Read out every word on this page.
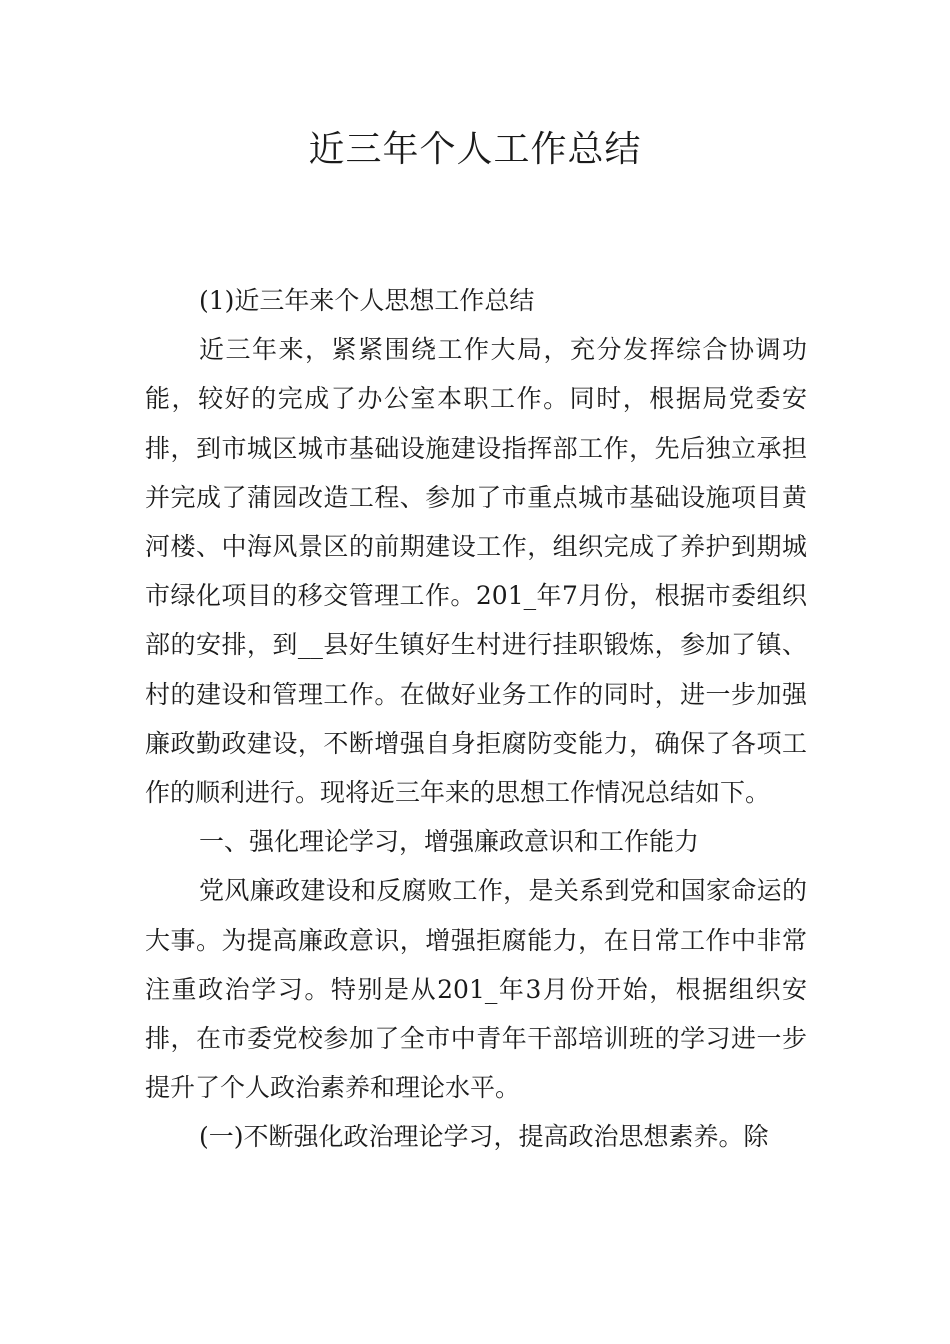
近三年个人工作总结

(1)近三年来个人思想工作总结

近三年来，紧紧围绕工作大局，充分发挥综合协调功能，较好的完成了办公室本职工作。同时，根据局党委安排，到市城区城市基础设施建设指挥部工作，先后独立承担并完成了蒲园改造工程、参加了市重点城市基础设施项目黄河楼、中海风景区的前期建设工作，组织完成了养护到期城市绿化项目的移交管理工作。201_年7月份，根据市委组织部的安排，到__县好生镇好生村进行挂职锻炼，参加了镇、村的建设和管理工作。在做好业务工作的同时，进一步加强廉政勤政建设，不断增强自身拒腐防变能力，确保了各项工作的顺利进行。现将近三年来的思想工作情况总结如下。

一、强化理论学习，增强廉政意识和工作能力

党风廉政建设和反腐败工作，是关系到党和国家命运的大事。为提高廉政意识，增强拒腐能力，在日常工作中非常注重政治学习。特别是从201_年3月份开始，根据组织安排，在市委党校参加了全市中青年干部培训班的学习进一步提升了个人政治素养和理论水平。

(一)不断强化政治理论学习，提高政治思想素养。除
